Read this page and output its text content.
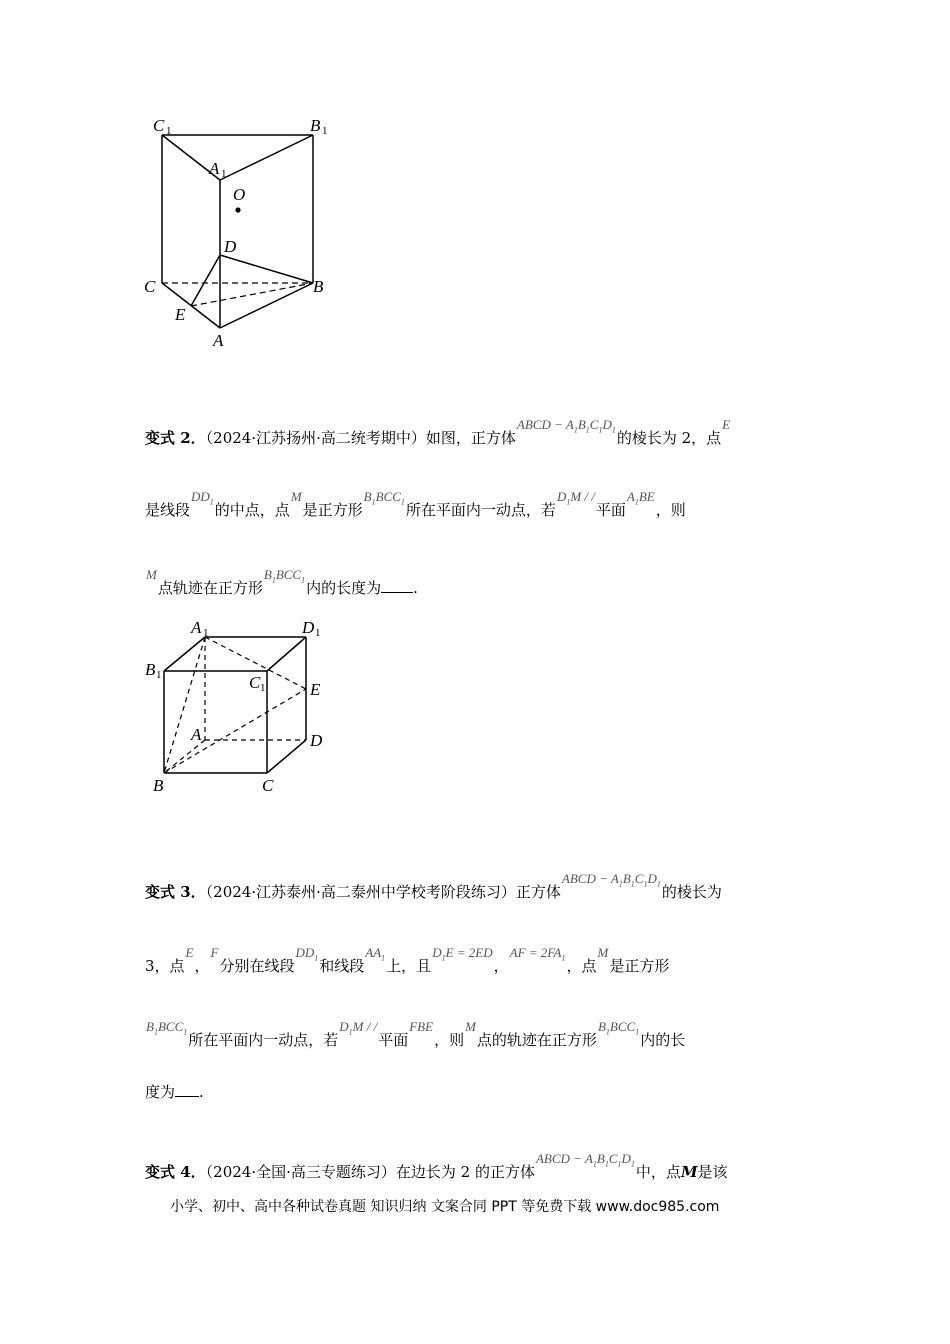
C 1	B 1
A 1
O
D
C	B
E
A
变式 2．（2024·江苏扬州·高二统考期中）如图，正方体ABCD − $A_1B_1C_1D_1$的棱长为 2，点E
是线段$DD_1$的中点，点M是正方形$B_1BCC_1$所在平面内一动点，若$D_1M$ / /平面$A_1BE$，则
M点轨迹在正方形$B_1BCC_1$内的长度为 .
A 1	D 1
B 1	C 1	E
A	D
B	C
变式 3．（2024·江苏泰州·高二泰州中学校考阶段练习）正方体ABCD − $A_1B_1C_1D_1$的棱长为
3，点E，F分别在线段$DD_1$和线段$AA_1$上，且$D_1E = 2ED$，AF = $2FA_1$，点M是正方形
$B_1BCC_1$所在平面内一动点，若$D_1M$ / /平面FBE，则M点的轨迹在正方形$B_1BCC_1$内的长
度为 .
变式 4．（2024·全国·高三专题练习）在边长为 2 的正方体ABCD − $A_1B_1C_1D_1$中，点M是该
小学、初中、高中各种试卷真题 知识归纳 文案合同 PPT 等免费下载 www.doc985.com
